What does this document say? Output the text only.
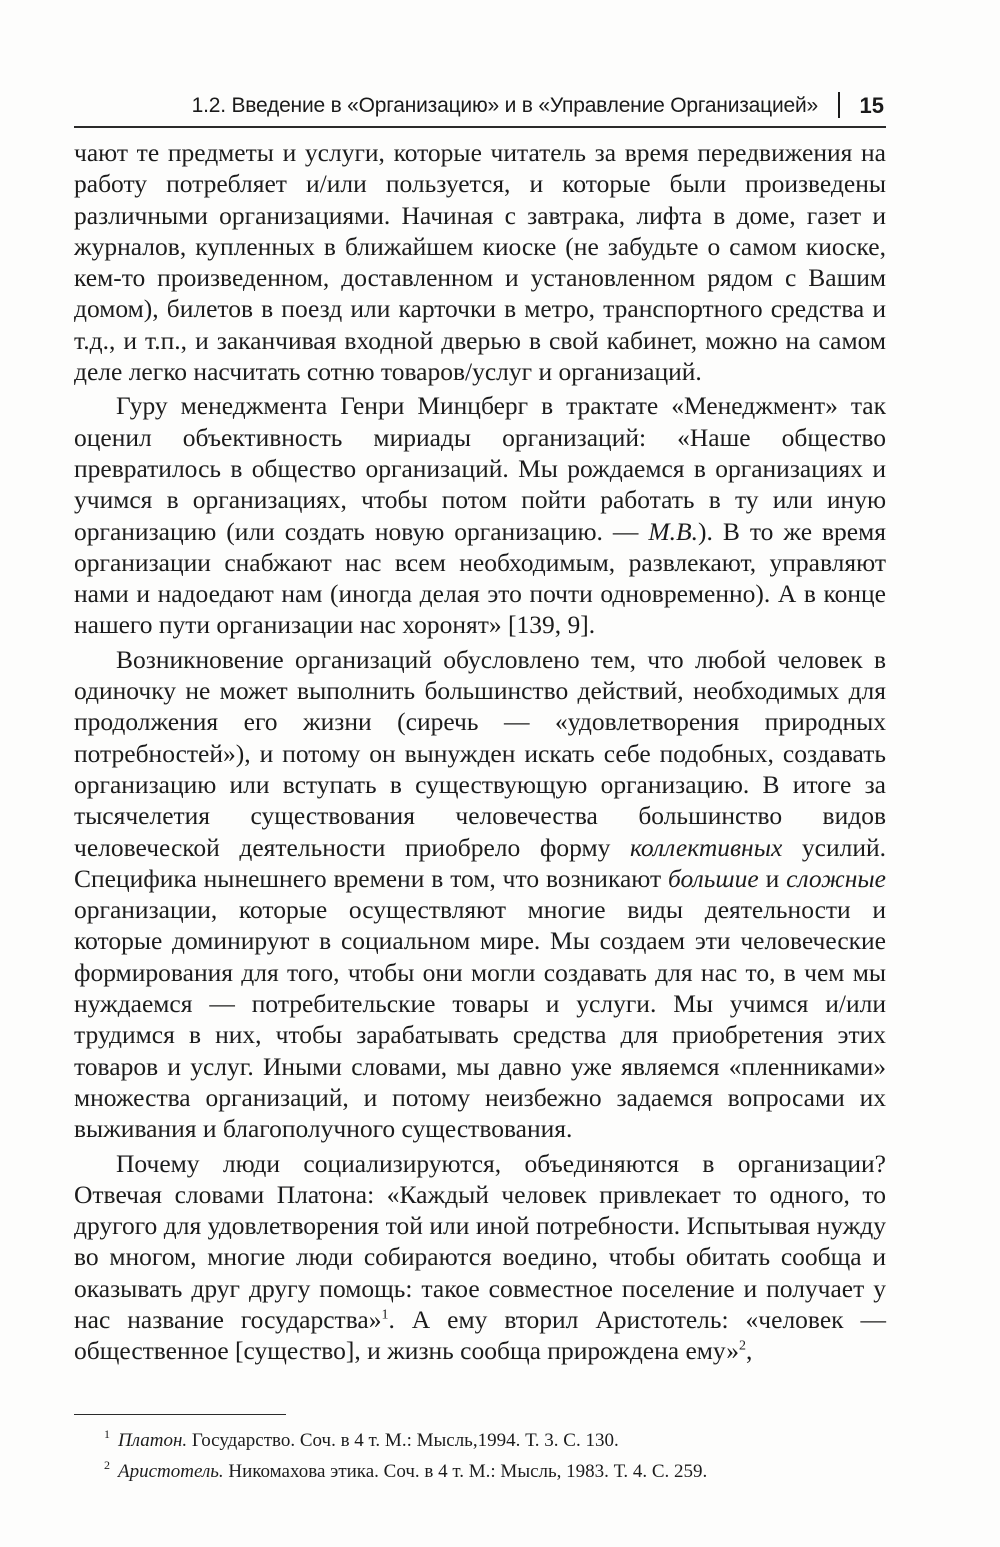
1.2. Введение в «Организацию» и в «Управление Организацией» 15

чают те предметы и услуги, которые читатель за время передвижения на работу потребляет и/или пользуется, и которые были произведены различными организациями. Начиная с завтрака, лифта в доме, газет и журналов, купленных в ближайшем киоске (не забудьте о самом киоске, кем-то произведенном, доставленном и установленном рядом с Вашим домом), билетов в поезд или карточки в метро, транспортного средства и т.д., и т.п., и заканчивая входной дверью в свой кабинет, можно на самом деле легко насчитать сотню товаров/услуг и организаций.

Гуру менеджмента Генри Минцберг в трактате «Менеджмент» так оценил объективность мириады организаций: «Наше общество превратилось в общество организаций. Мы рождаемся в организациях и учимся в организациях, чтобы потом пойти работать в ту или иную организацию (или создать новую организацию. — М.В.). В то же время организации снабжают нас всем необходимым, развлекают, управляют нами и надоедают нам (иногда делая это почти одновременно). А в конце нашего пути организации нас хоронят» [139, 9].

Возникновение организаций обусловлено тем, что любой человек в одиночку не может выполнить большинство действий, необходимых для продолжения его жизни (сиречь — «удовлетворения природных потребностей»), и потому он вынужден искать себе подобных, создавать организацию или вступать в существующую организацию. В итоге за тысячелетия существования человечества большинство видов человеческой деятельности приобрело форму коллективных усилий. Специфика нынешнего времени в том, что возникают большие и сложные организации, которые осуществляют многие виды деятельности и которые доминируют в социальном мире. Мы создаем эти человеческие формирования для того, чтобы они могли создавать для нас то, в чем мы нуждаемся — потребительские товары и услуги. Мы учимся и/или трудимся в них, чтобы зарабатывать средства для приобретения этих товаров и услуг. Иными словами, мы давно уже являемся «пленниками» множества организаций, и потому неизбежно задаемся вопросами их выживания и благополучного существования.

Почему люди социализируются, объединяются в организации? Отвечая словами Платона: «Каждый человек привлекает то одного, то другого для удовлетворения той или иной потребности. Испытывая нужду во многом, многие люди собираются воедино, чтобы обитать сообща и оказывать друг другу помощь: такое совместное поселение и получает у нас название государства»$^1$. А ему вторил Аристотель: «человек — общественное [существо], и жизнь сообща прирождена ему»$^2$,

1 Платон. Государство. Соч. в 4 т. М.: Мысль,1994. Т. 3. С. 130.
2 Аристотель. Никомахова этика. Соч. в 4 т. М.: Мысль, 1983. Т. 4. С. 259.
